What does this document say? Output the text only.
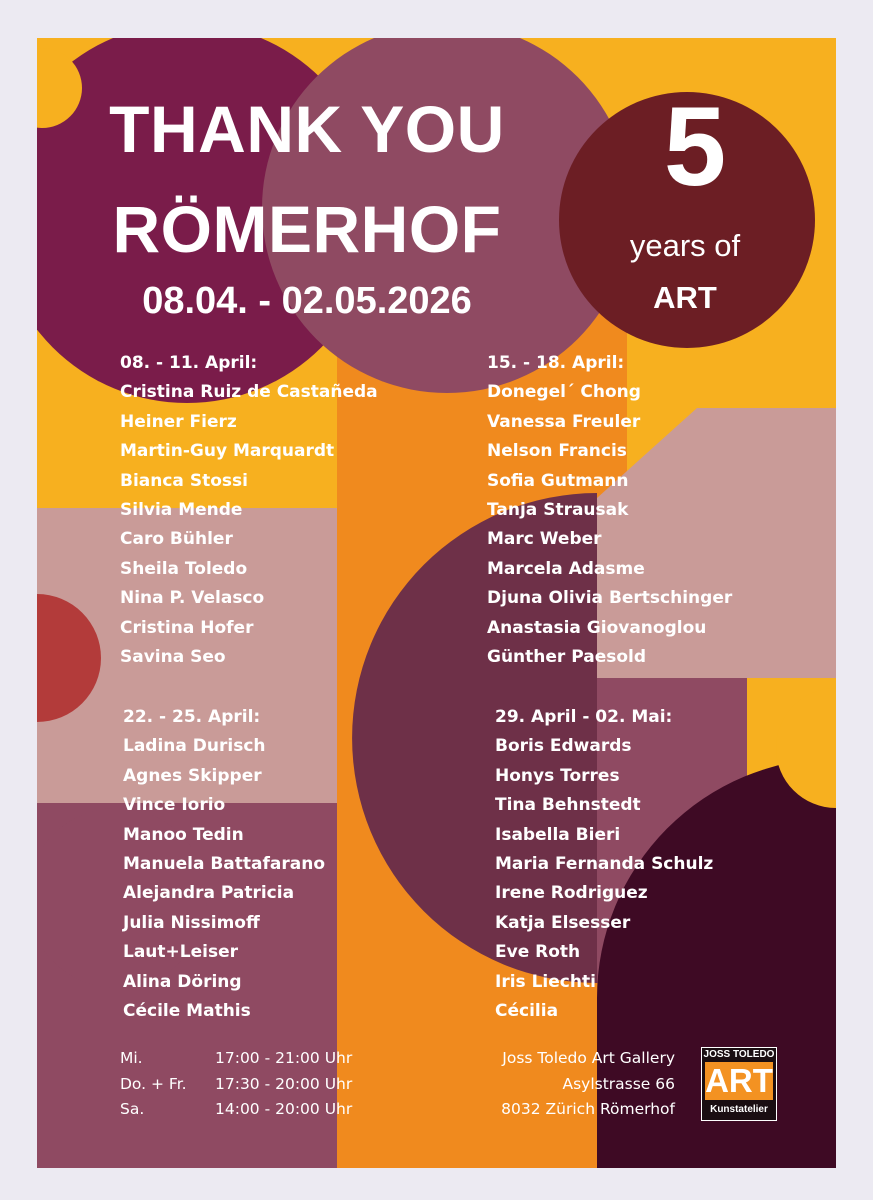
THANK YOU
RÖMERHOF
08.04. - 02.05.2026
5
years of
ART
08. - 11. April:
Cristina Ruiz de Castañeda
Heiner Fierz
Martin-Guy Marquardt
Bianca Stossi
Silvia Mende
Caro Bühler
Sheila Toledo
Nina P. Velasco
Cristina Hofer
Savina Seo
15. - 18. April:
Donegel´ Chong
Vanessa Freuler
Nelson Francis
Sofia Gutmann
Tanja Strausak
Marc Weber
Marcela Adasme
Djuna Olivia Bertschinger
Anastasia Giovanoglou
Günther Paesold
22. - 25. April:
Ladina Durisch
Agnes Skipper
Vince Iorio
Manoo Tedin
Manuela Battafarano
Alejandra Patricia
Julia Nissimoff
Laut+Leiser
Alina Döring
Cécile Mathis
29. April - 02. Mai:
Boris Edwards
Honys Torres
Tina Behnstedt
Isabella Bieri
Maria Fernanda Schulz
Irene Rodriguez
Katja Elsesser
Eve Roth
Iris Liechti
Cécilia
Mi.	17:00 - 21:00 Uhr
Do. + Fr. 17:30 - 20:00 Uhr
Sa.	14:00 - 20:00 Uhr
Joss Toledo Art Gallery
Asylstrasse 66
8032 Zürich Römerhof
JOSS TOLEDO
ART
Kunstatelier
